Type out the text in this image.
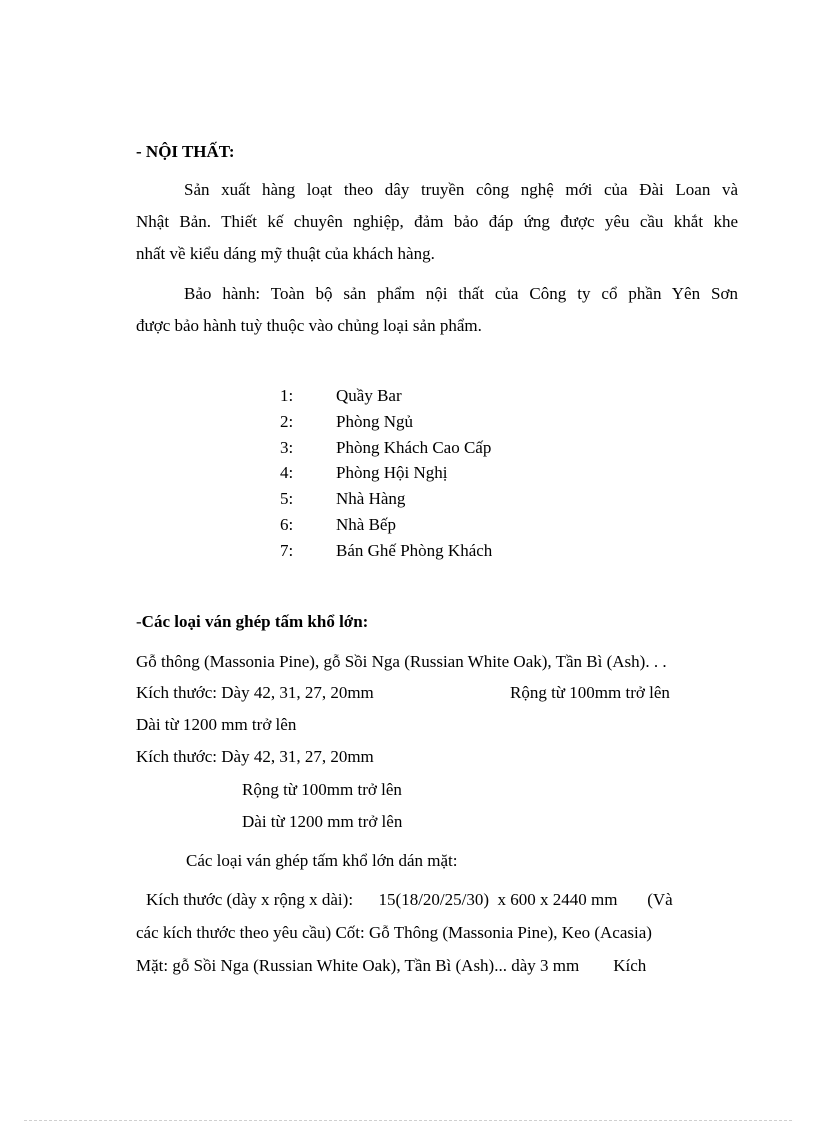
- NỘI THẤT:
Sản xuất hàng loạt theo dây truyền công nghệ mới của Đài Loan và
Nhật Bản. Thiết kế chuyên nghiệp, đảm bảo đáp ứng được yêu cầu khắt khe
nhất về kiểu dáng mỹ thuật của khách hàng.
Bảo hành: Toàn bộ sản phẩm nội thất của Công ty cổ phần Yên Sơn
được bảo hành tuỳ thuộc vào chủng loại sản phẩm.
1:	Quầy Bar
2:	Phòng Ngủ
3:	Phòng Khách Cao Cấp
4:	Phòng Hội Nghị
5:	Nhà Hàng
6:	Nhà Bếp
7:	Bán Ghế Phòng Khách
-Các loại ván ghép tấm khổ lớn:
Gỗ thông (Massonia Pine), gỗ Sồi Nga (Russian White Oak), Tần Bì (Ash). . .
Kích thước: Dày 42, 31, 27, 20mm	Rộng từ 100mm trở lên
Dài từ 1200 mm trở lên
Kích thước: Dày 42, 31, 27, 20mm
Rộng từ 100mm trở lên
Dài từ 1200 mm trở lên
Các loại ván ghép tấm khổ lớn dán mặt:
Kích thước (dày x rộng x dài):      15(18/20/25/30)  x 600 x 2440 mm       (Và
các kích thước theo yêu cầu) Cốt: Gỗ Thông (Massonia Pine), Keo (Acasia)
Mặt: gỗ Sồi Nga (Russian White Oak), Tần Bì (Ash)... dày 3 mm        Kích
